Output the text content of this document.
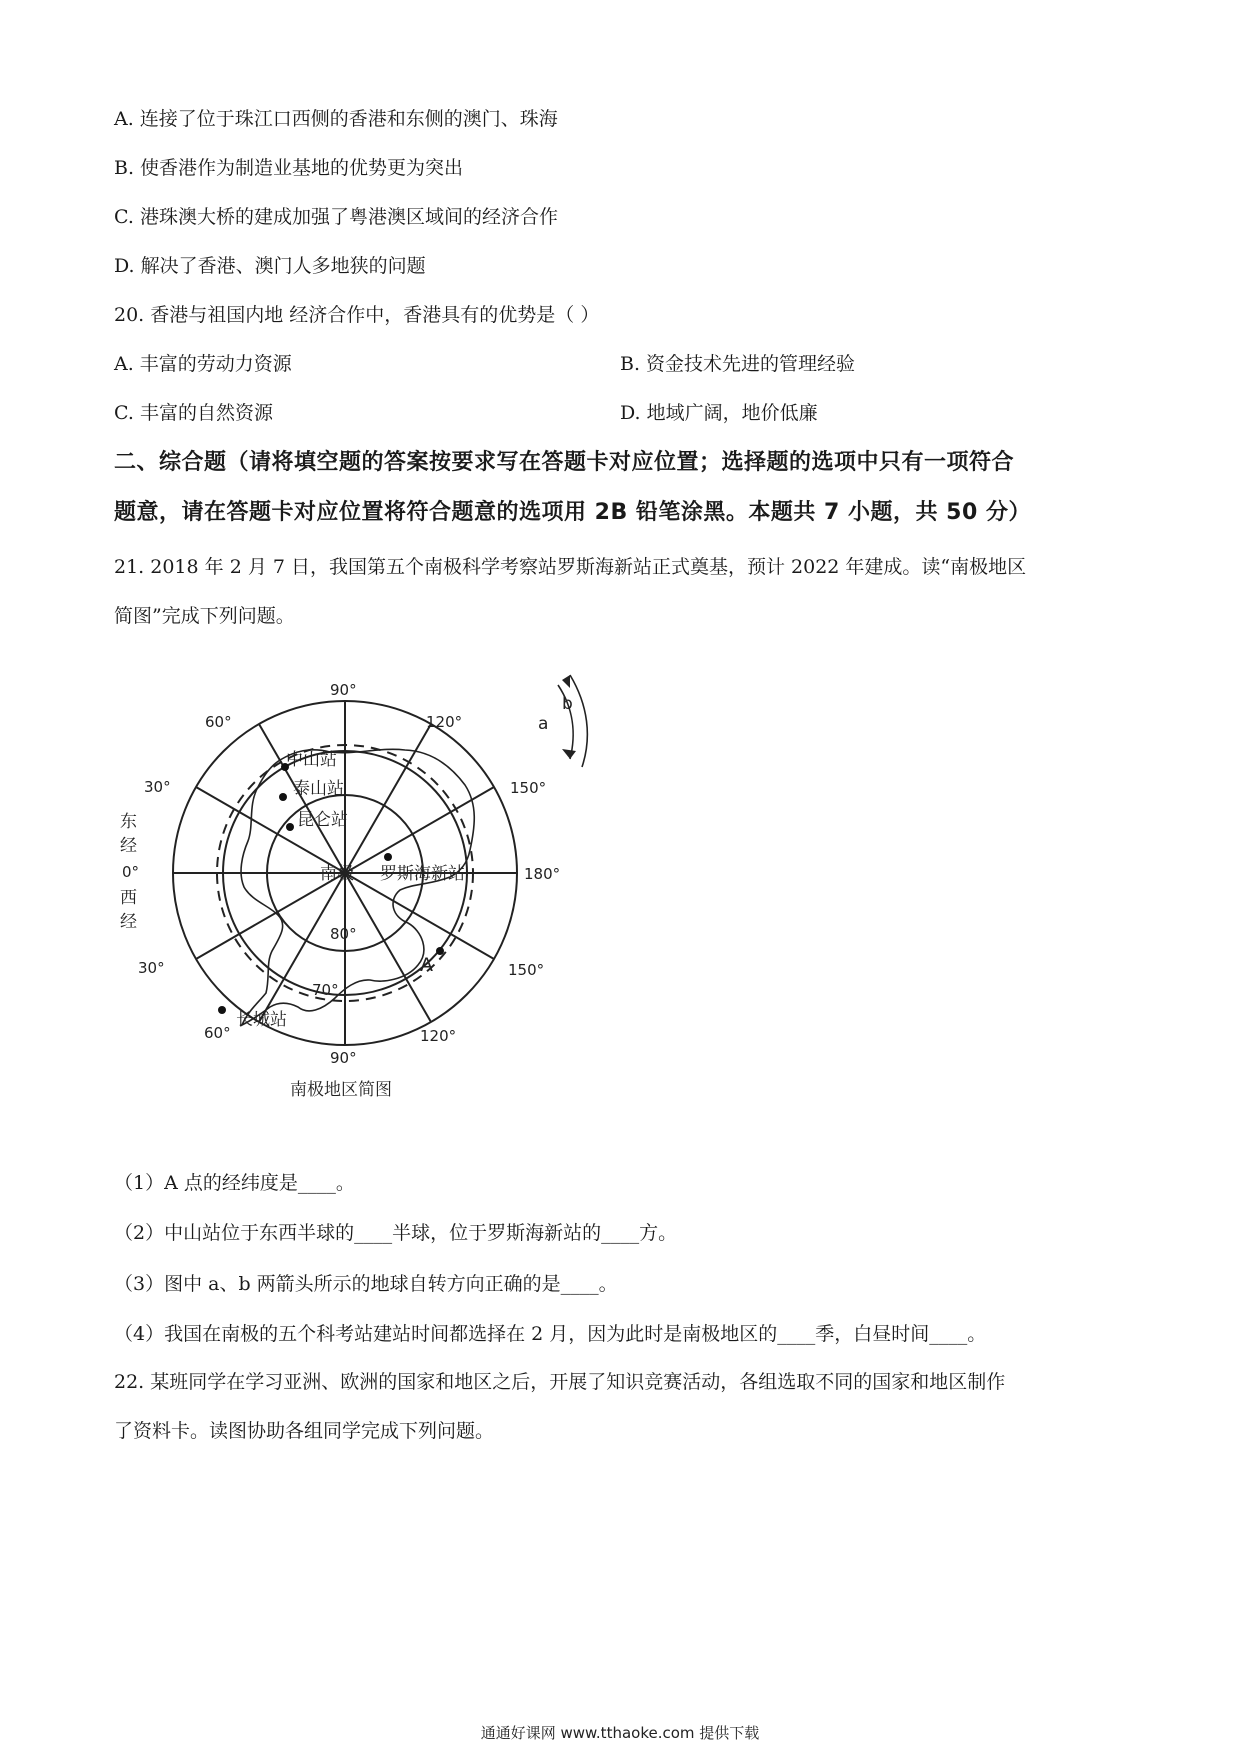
A. 连接了位于珠江口西侧的香港和东侧的澳门、珠海
B. 使香港作为制造业基地的优势更为突出
C. 港珠澳大桥的建成加强了粤港澳区域间的经济合作
D. 解决了香港、澳门人多地狭的问题
20. 香港与祖国内地 经济合作中，香港具有的优势是（ ）
A. 丰富的劳动力资源	B. 资金技术先进的管理经验
C. 丰富的自然资源	D. 地域广阔，地价低廉
二、综合题（请将填空题的答案按要求写在答题卡对应位置；选择题的选项中只有一项符合
题意，请在答题卡对应位置将符合题意的选项用 2B 铅笔涂黑。本题共 7 小题，共 50 分）
21. 2018 年 2 月 7 日，我国第五个南极科学考察站罗斯海新站正式奠基，预计 2022 年建成。读“南极地区
简图”完成下列问题。
90°
60°	120°
30°	150°
180°
30°	150°
60°	120°
90°
80°
70°
东
经
0°
西
经
中山站
泰山站
昆仑站
南极 罗斯海新站
长城站
A
a
b
南极地区简图
（1）A 点的经纬度是____。
（2）中山站位于东西半球的____半球，位于罗斯海新站的____方。
（3）图中 a、b 两箭头所示的地球自转方向正确的是____。
（4）我国在南极的五个科考站建站时间都选择在 2 月，因为此时是南极地区的____季，白昼时间____。
22. 某班同学在学习亚洲、欧洲的国家和地区之后，开展了知识竞赛活动，各组选取不同的国家和地区制作
了资料卡。读图协助各组同学完成下列问题。
通通好课网 www.tthaoke.com 提供下载
